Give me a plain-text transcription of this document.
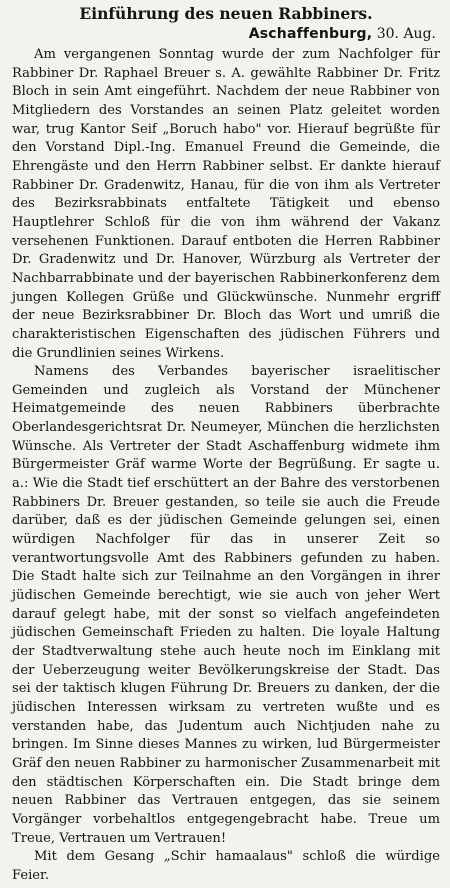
Einführung des neuen Rabbiners.
Aschaffenburg, 30. Aug.

Am vergangenen Sonntag wurde der zum Nachfolger für Rabbiner Dr. Raphael Breuer s. A. gewählte Rabbiner Dr. Fritz Bloch in sein Amt eingeführt. Nachdem der neue Rabbiner von Mitgliedern des Vorstandes an seinen Platz geleitet worden war, trug Kantor Seif „Boruch habo" vor. Hierauf begrüßte für den Vorstand Dipl.-Ing. Emanuel Freund die Gemeinde, die Ehrengäste und den Herrn Rabbiner selbst. Er dankte hierauf Rabbiner Dr. Gradenwitz, Hanau, für die von ihm als Vertreter des Bezirksrabbinats entfaltete Tätigkeit und ebenso Hauptlehrer Schloß für die von ihm während der Vakanz versehenen Funktionen. Darauf entboten die Herren Rabbiner Dr. Gradenwitz und Dr. Hanover, Würzburg als Vertreter der Nachbarrabbinate und der bayerischen Rabbinerkonferenz dem jungen Kollegen Grüße und Glückwünsche. Nunmehr ergriff der neue Bezirksrabbiner Dr. Bloch das Wort und umriß die charakteristischen Eigenschaften des jüdischen Führers und die Grundlinien seines Wirkens.

Namens des Verbandes bayerischer israelitischer Gemeinden und zugleich als Vorstand der Münchener Heimatgemeinde des neuen Rabbiners überbrachte Oberlandesgerichtsrat Dr. Neumeyer, München die herzlichsten Wünsche. Als Vertreter der Stadt Aschaffenburg widmete ihm Bürgermeister Gräf warme Worte der Begrüßung. Er sagte u. a.: Wie die Stadt tief erschüttert an der Bahre des verstorbenen Rabbiners Dr. Breuer gestanden, so teile sie auch die Freude darüber, daß es der jüdischen Gemeinde gelungen sei, einen würdigen Nachfolger für das in unserer Zeit so verantwortungsvolle Amt des Rabbiners gefunden zu haben. Die Stadt halte sich zur Teilnahme an den Vorgängen in ihrer jüdischen Gemeinde berechtigt, wie sie auch von jeher Wert darauf gelegt habe, mit der sonst so vielfach angefeindeten jüdischen Gemeinschaft Frieden zu halten. Die loyale Haltung der Stadtverwaltung stehe auch heute noch im Einklang mit der Ueberzeugung weiter Bevölkerungskreise der Stadt. Das sei der taktisch klugen Führung Dr. Breuers zu danken, der die jüdischen Interessen wirksam zu vertreten wußte und es verstanden habe, das Judentum auch Nichtjuden nahe zu bringen. Im Sinne dieses Mannes zu wirken, lud Bürgermeister Gräf den neuen Rabbiner zu harmonischer Zusammenarbeit mit den städtischen Körperschaften ein. Die Stadt bringe dem neuen Rabbiner das Vertrauen entgegen, das sie seinem Vorgänger vorbehaltlos entgegengebracht habe. Treue um Treue, Vertrauen um Vertrauen!

Mit dem Gesang „Schir hamaalaus" schloß die würdige Feier.
